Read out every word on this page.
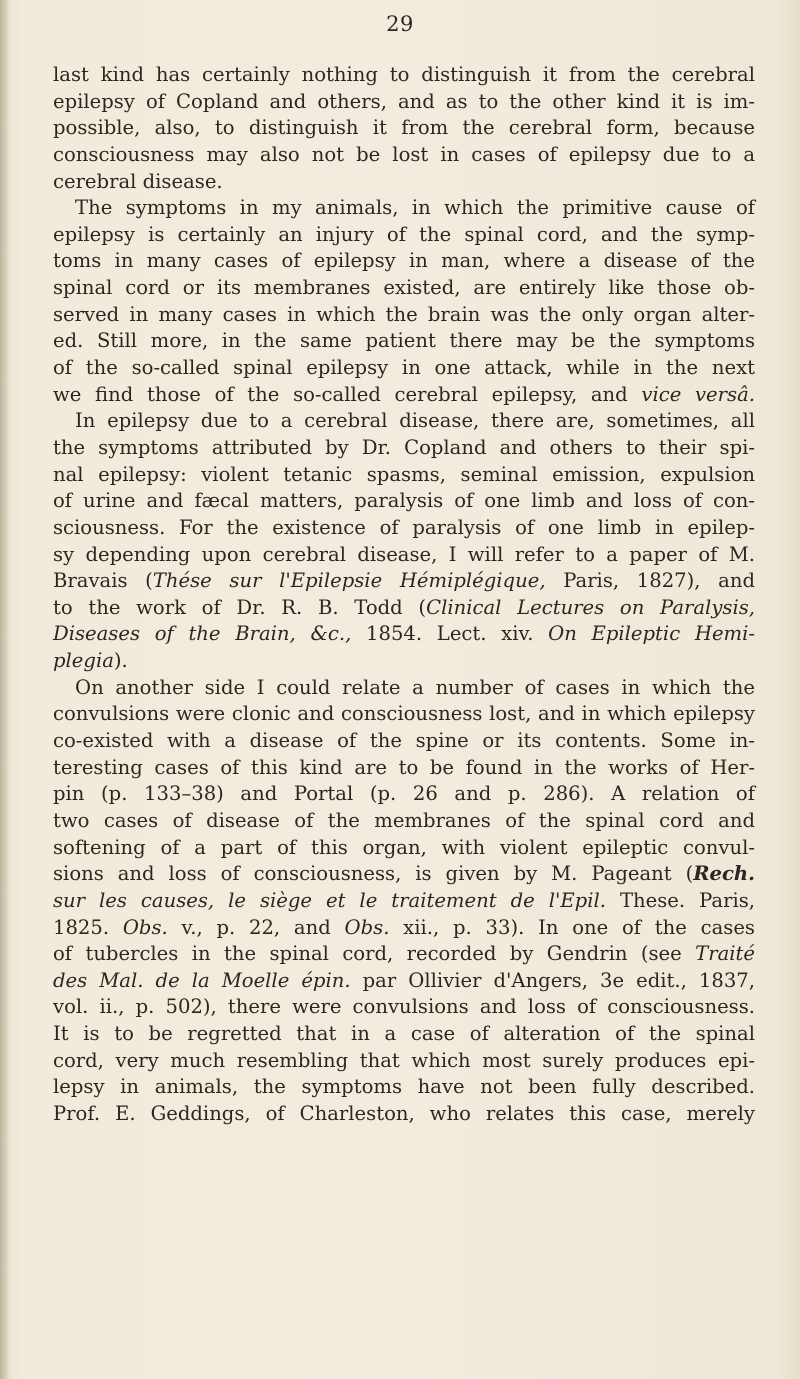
29
last kind has certainly nothing to distinguish it from the cerebral
epilepsy of Copland and others, and as to the other kind it is im-
possible, also, to distinguish it from the cerebral form, because
consciousness may also not be lost in cases of epilepsy due to a
cerebral disease.
The symptoms in my animals, in which the primitive cause of
epilepsy is certainly an injury of the spinal cord, and the symp-
toms in many cases of epilepsy in man, where a disease of the
spinal cord or its membranes existed, are entirely like those ob-
served in many cases in which the brain was the only organ alter-
ed. Still more, in the same patient there may be the symptoms
of the so-called spinal epilepsy in one attack, while in the next
we find those of the so-called cerebral epilepsy, and vice versâ.
In epilepsy due to a cerebral disease, there are, sometimes, all
the symptoms attributed by Dr. Copland and others to their spi-
nal epilepsy: violent tetanic spasms, seminal emission, expulsion
of urine and fæcal matters, paralysis of one limb and loss of con-
sciousness. For the existence of paralysis of one limb in epilep-
sy depending upon cerebral disease, I will refer to a paper of M.
Bravais (Thése sur l'Epilepsie Hémiplégique, Paris, 1827), and
to the work of Dr. R. B. Todd (Clinical Lectures on Paralysis,
Diseases of the Brain, &c., 1854. Lect. xiv. On Epileptic Hemi-
plegia).
On another side I could relate a number of cases in which the
convulsions were clonic and consciousness lost, and in which epilepsy
co-existed with a disease of the spine or its contents. Some in-
teresting cases of this kind are to be found in the works of Her-
pin (p. 133–38) and Portal (p. 26 and p. 286). A relation of
two cases of disease of the membranes of the spinal cord and
softening of a part of this organ, with violent epileptic convul-
sions and loss of consciousness, is given by M. Pageant (Rech.
sur les causes, le siège et le traitement de l'Epil. These. Paris,
1825. Obs. v., p. 22, and Obs. xii., p. 33). In one of the cases
of tubercles in the spinal cord, recorded by Gendrin (see Traité
des Mal. de la Moelle épin. par Ollivier d'Angers, 3e edit., 1837,
vol. ii., p. 502), there were convulsions and loss of consciousness.
It is to be regretted that in a case of alteration of the spinal
cord, very much resembling that which most surely produces epi-
lepsy in animals, the symptoms have not been fully described.
Prof. E. Geddings, of Charleston, who relates this case, merely
